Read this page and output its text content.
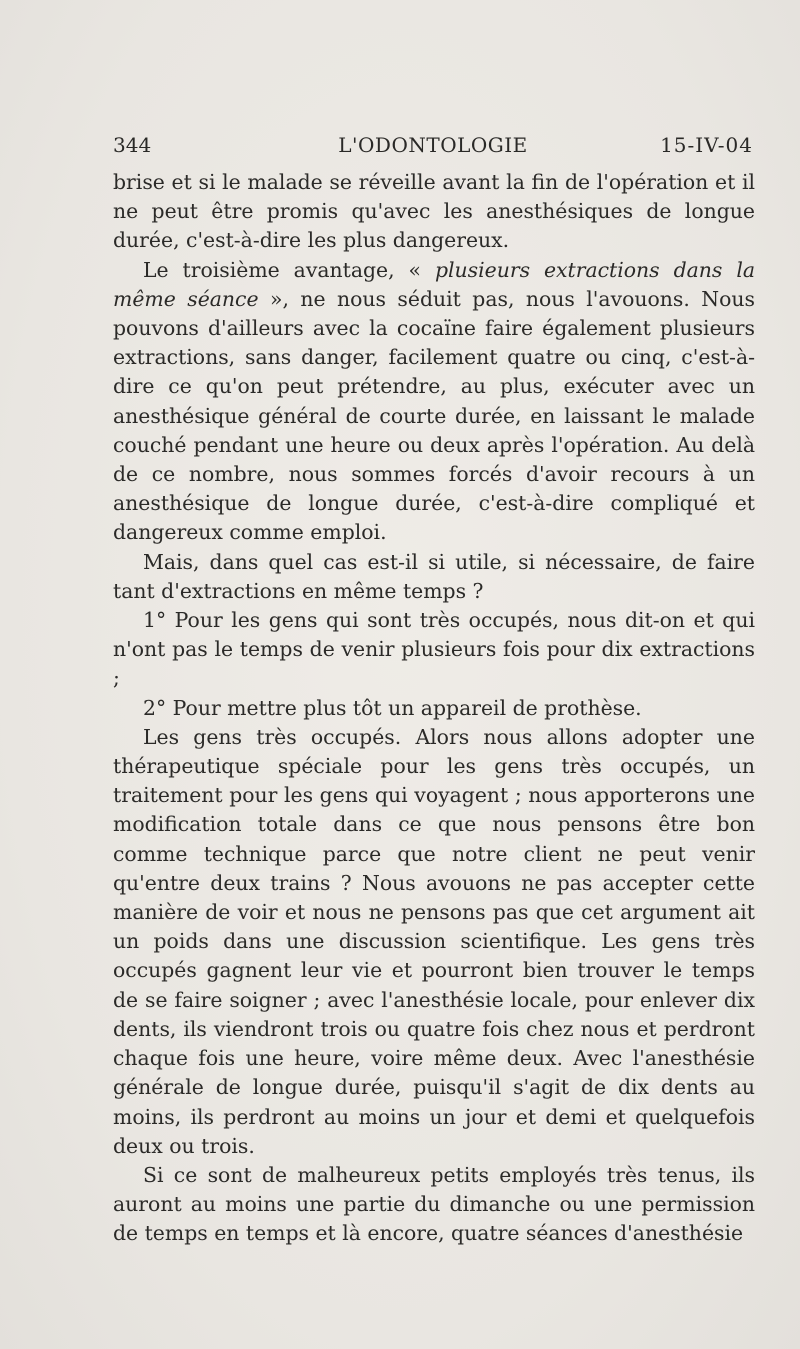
344	L'ODONTOLOGIE	15-IV-04

brise et si le malade se réveille avant la fin de l'opération et il ne peut être promis qu'avec les anesthésiques de longue durée, c'est-à-dire les plus dangereux.

Le troisième avantage, « plusieurs extractions dans la même séance », ne nous séduit pas, nous l'avouons. Nous pouvons d'ailleurs avec la cocaïne faire également plusieurs extractions, sans danger, facilement quatre ou cinq, c'est-à-dire ce qu'on peut prétendre, au plus, exécuter avec un anesthésique général de courte durée, en laissant le malade couché pendant une heure ou deux après l'opération. Au delà de ce nombre, nous sommes forcés d'avoir recours à un anesthésique de longue durée, c'est-à-dire compliqué et dangereux comme emploi.

Mais, dans quel cas est-il si utile, si nécessaire, de faire tant d'extractions en même temps ?

1° Pour les gens qui sont très occupés, nous dit-on et qui n'ont pas le temps de venir plusieurs fois pour dix extractions ;

2° Pour mettre plus tôt un appareil de prothèse.

Les gens très occupés. Alors nous allons adopter une thérapeutique spéciale pour les gens très occupés, un traitement pour les gens qui voyagent ; nous apporterons une modification totale dans ce que nous pensons être bon comme technique parce que notre client ne peut venir qu'entre deux trains ? Nous avouons ne pas accepter cette manière de voir et nous ne pensons pas que cet argument ait un poids dans une discussion scientifique. Les gens très occupés gagnent leur vie et pourront bien trouver le temps de se faire soigner ; avec l'anesthésie locale, pour enlever dix dents, ils viendront trois ou quatre fois chez nous et perdront chaque fois une heure, voire même deux. Avec l'anesthésie générale de longue durée, puisqu'il s'agit de dix dents au moins, ils perdront au moins un jour et demi et quelquefois deux ou trois.

Si ce sont de malheureux petits employés très tenus, ils auront au moins une partie du dimanche ou une permission de temps en temps et là encore, quatre séances d'anesthésie
